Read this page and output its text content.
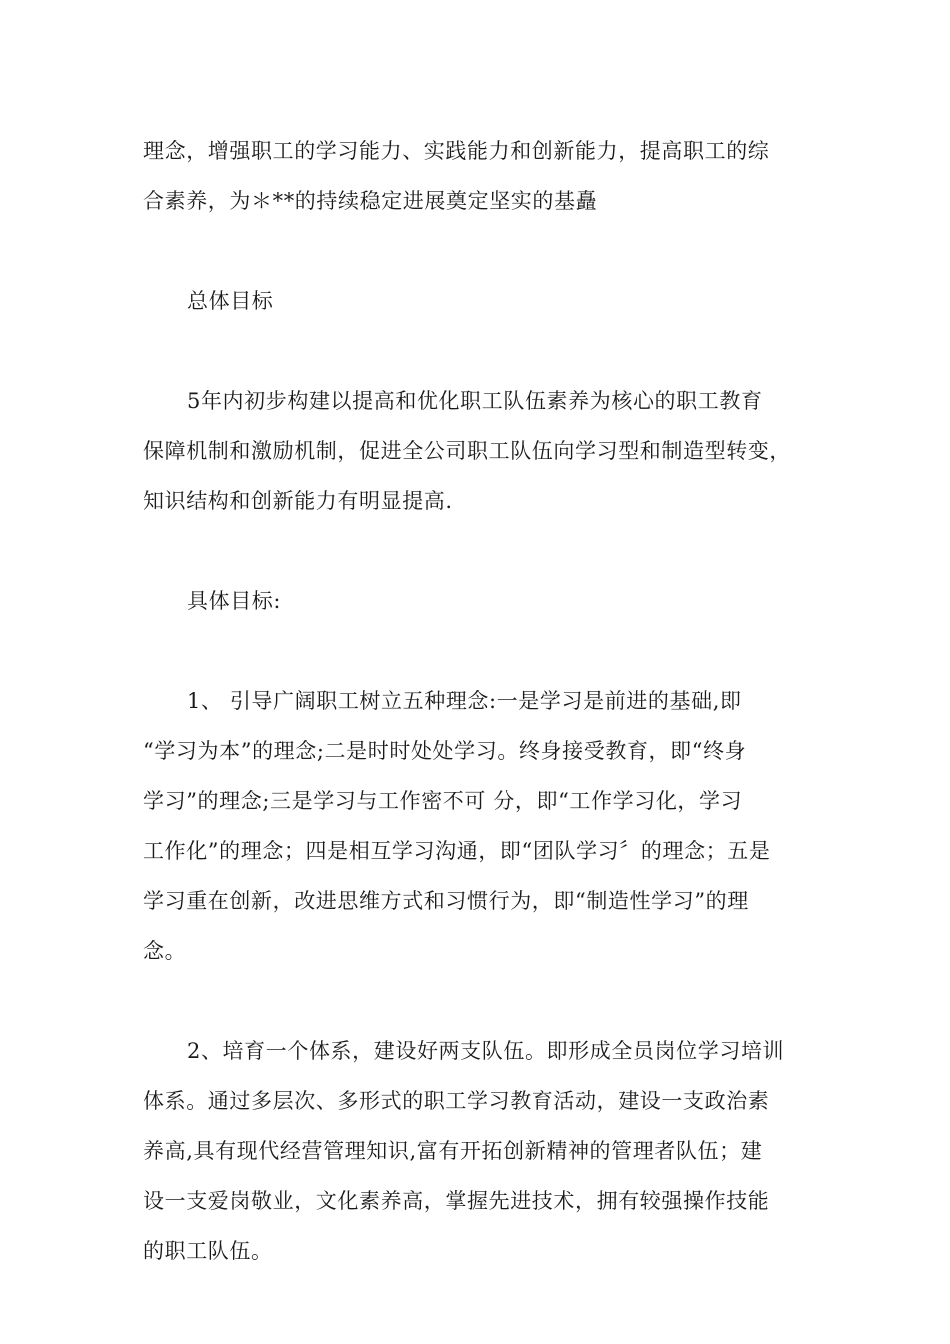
理念，增强职工的学习能力、实践能力和创新能力，提高职工的综
合素养，为＊**的持续稳定进展奠定坚实的基矗
总体目标
5年内初步构建以提高和优化职工队伍素养为核心的职工教育
保障机制和激励机制，促进全公司职工队伍向学习型和制造型转变，
知识结构和创新能力有明显提高.
具体目标:
1、 引导广阔职工树立五种理念:一是学习是前进的基础,即
“学习为本”的理念;二是时时处处学习。终身接受教育，即“终身
学习”的理念;三是学习与工作密不可 分，即“工作学习化，学习
工作化”的理念；四是相互学习沟通，即“团队学习〞的理念；五是
学习重在创新，改进思维方式和习惯行为，即“制造性学习”的理
念。
2、培育一个体系，建设好两支队伍。即形成全员岗位学习培训
体系。通过多层次、多形式的职工学习教育活动，建设一支政治素
养高,具有现代经营管理知识,富有开拓创新精神的管理者队伍；建
设一支爱岗敬业，文化素养高，掌握先进技术，拥有较强操作技能
的职工队伍。
